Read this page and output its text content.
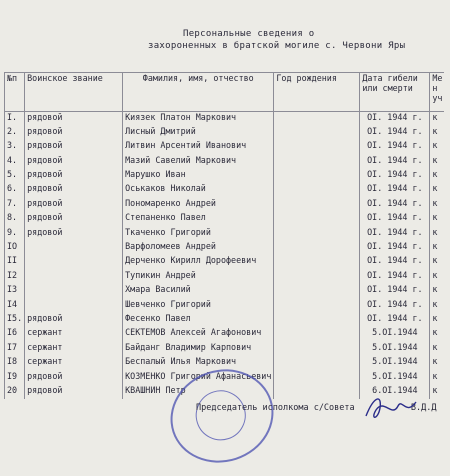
Персональные сведения о
захороненных в братской могиле с. Червони Яры
№п	Воинское звание	Фамилия, имя, отчество	Год рождения	Дата гибели или смерти	Ме н уч
I.	рядовой	Киязек Платон Маркович		OI. 1944 г.	к
2.	рядовой	Лисный Дмитрий		OI. 1944 г.	к
3.	рядовой	Литвин Арсентий Иванович		OI. 1944 г.	к
4.	рядовой	Мазий Савелий Маркович		OI. 1944 г.	к
5.	рядовой	Марушко Иван		OI. 1944 г.	к
6.	рядовой	Оськаков Николай		OI. 1944 г.	к
7.	рядовой	Пономаренко Андрей		OI. 1944 г.	к
8.	рядовой	Степаненко Павел		OI. 1944 г.	к
9.	рядовой	Ткаченко Григорий		OI. 1944 г.	к
IO		Варфоломеев Андрей		OI. 1944 г.	к
II		Дерченко Кирилл Дорофеевич		OI. 1944 г.	к
I2		Тупикин Андрей		OI. 1944 г.	к
I3		Хмара Василий		OI. 1944 г.	к
I4		Шевченко Григорий		OI. 1944 г.	к
I5.	рядовой	Фесенко Павел		OI. 1944 г.	к
I6	сержант	СЕКТЕМОВ Алексей Агафонович		5.OI.1944	к
I7	сержант	Байданг Владимир Карпович		5.OI.1944	к
I8	сержант	Беспалый Илья Маркович		5.OI.1944	к
I9	рядовой	КОЗМЕНКО Григорий Афанасьевич		5.OI.1944	к
20	рядовой	КВАШНИН Петр		6.OI.1944	к
Председатель исполкома с/Совета	В.Д.Д
